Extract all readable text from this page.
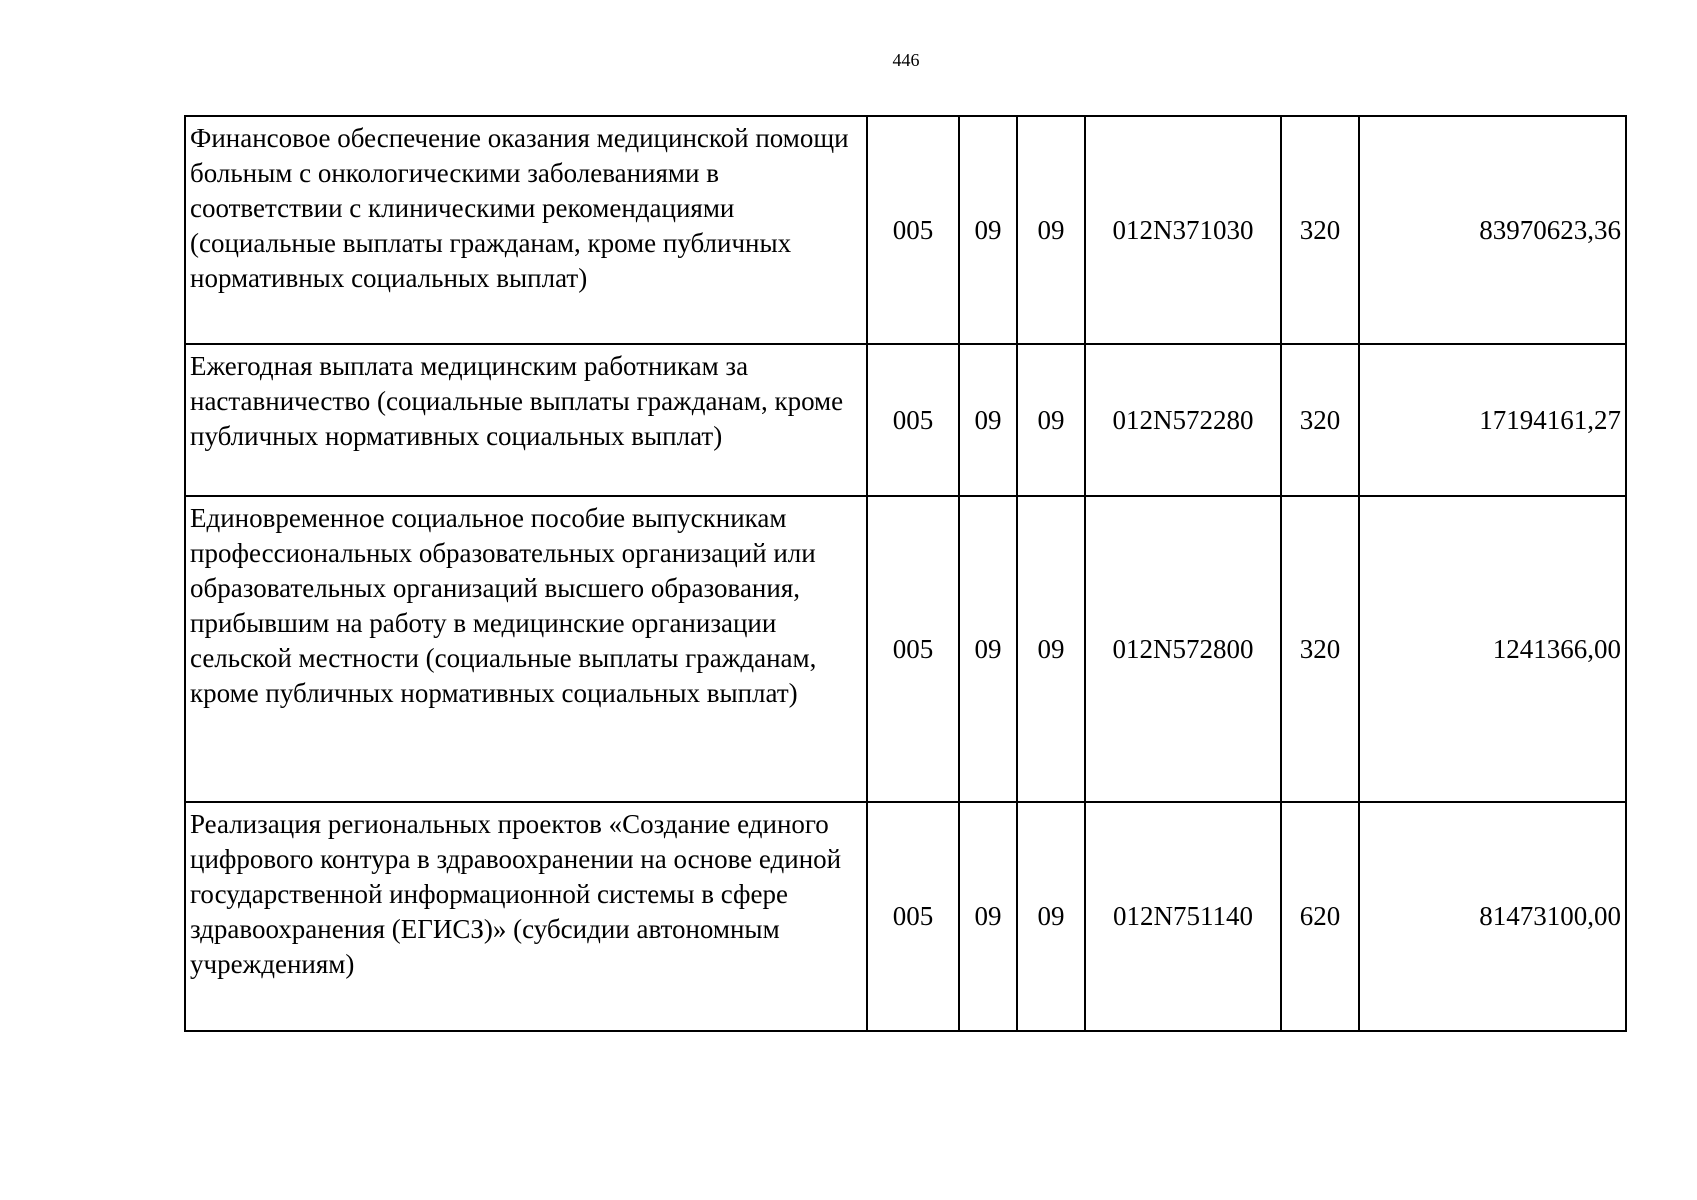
446
Финансовое обеспечение оказания медицинской помощи больным с онкологическими заболеваниями в соответствии с клиническими рекомендациями (социальные выплаты гражданам, кроме публичных нормативных социальных выплат)	005	09	09	012N371030	320	83970623,36
Ежегодная выплата медицинским работникам за наставничество (социальные выплаты гражданам, кроме публичных нормативных социальных выплат)	005	09	09	012N572280	320	17194161,27
Единовременное социальное пособие выпускникам профессиональных образовательных организаций или образовательных организаций высшего образования, прибывшим на работу в медицинские организации сельской местности (социальные выплаты гражданам, кроме публичных нормативных социальных выплат)	005	09	09	012N572800	320	1241366,00
Реализация региональных проектов «Создание единого цифрового контура в здравоохранении на основе единой государственной информационной системы в сфере здравоохранения (ЕГИСЗ)» (субсидии автономным учреждениям)	005	09	09	012N751140	620	81473100,00
